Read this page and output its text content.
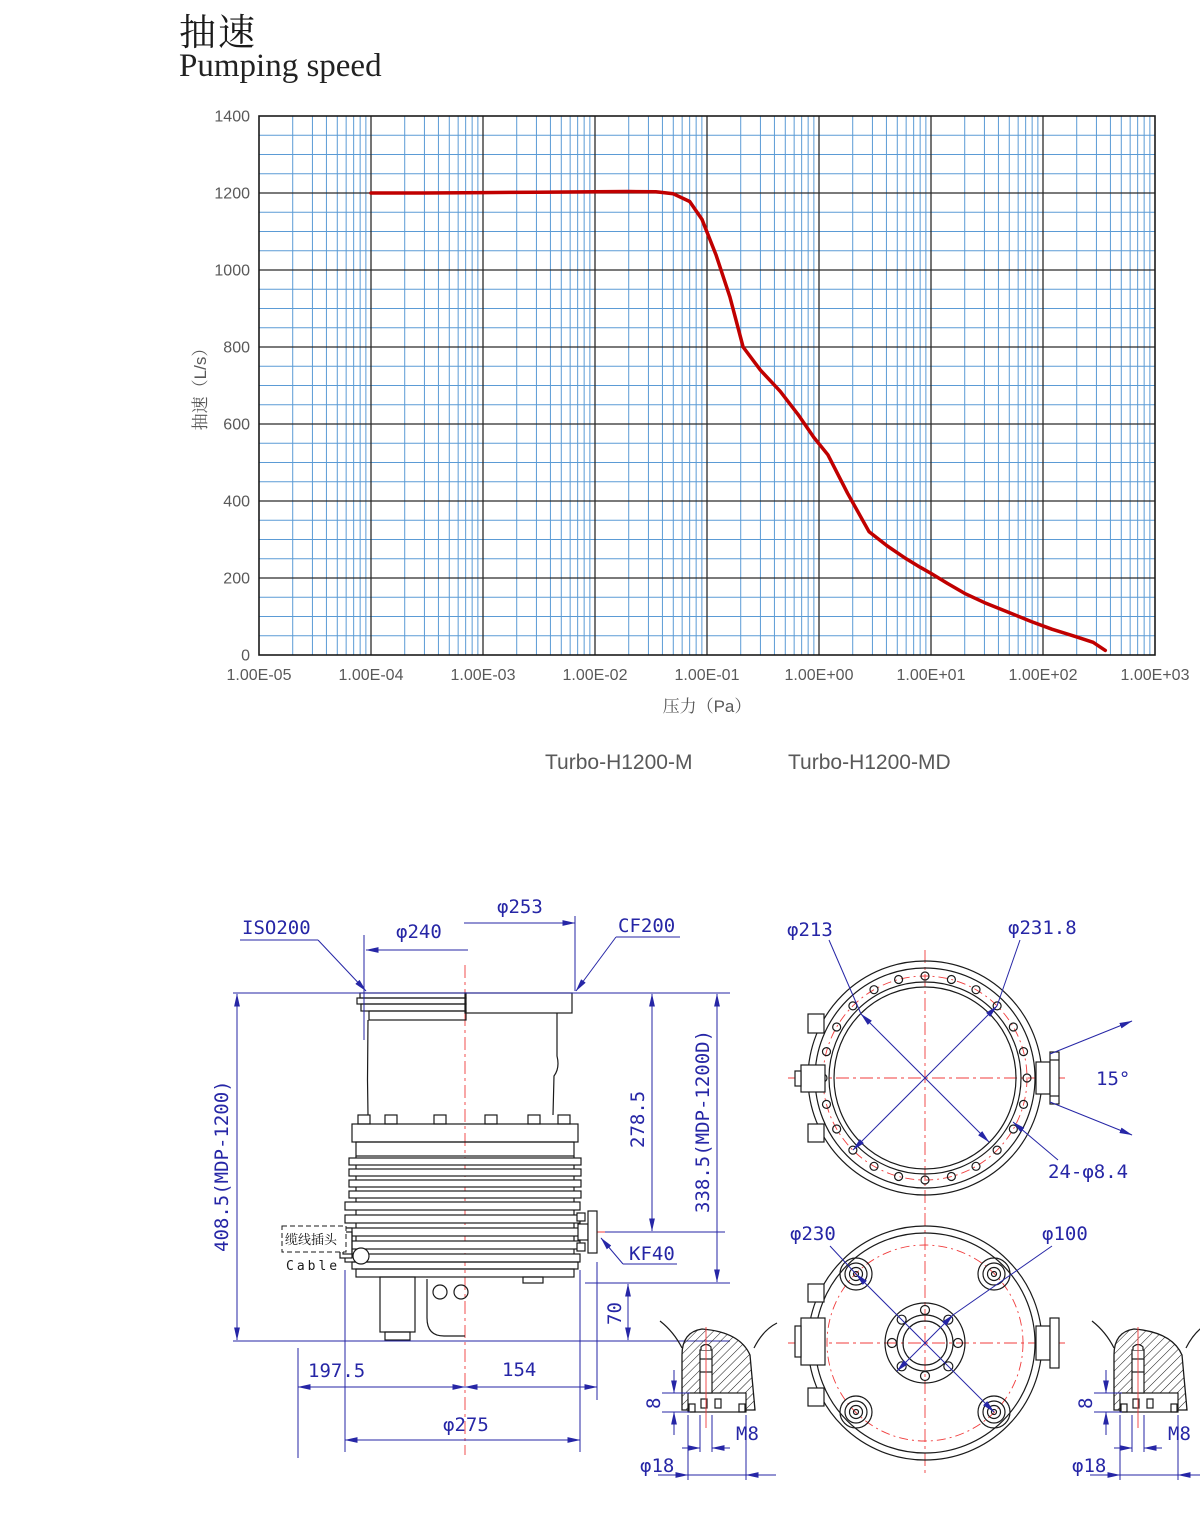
抽速
Pumping speed
0
200
400
600
800
1000
1200
1400
1.00E-05	1.00E-04	1.00E-03	1.00E-02	1.00E-01	1.00E+00	1.00E+01	1.00E+02	1.00E+03
抽速（L/s）
压力（Pa）
Turbo-H1200-M	Turbo-H1200-MD
缆线插头
Cable
ISO200	CF200
φ240
φ253
408.5(MDP-1200)	278.5 338.5(MDP-1200D)
70
KF40
197.5	154
φ275
15°
φ213	φ231.8
24-φ8.4
φ230	φ100
8
M8
φ18
8
M8
φ18
